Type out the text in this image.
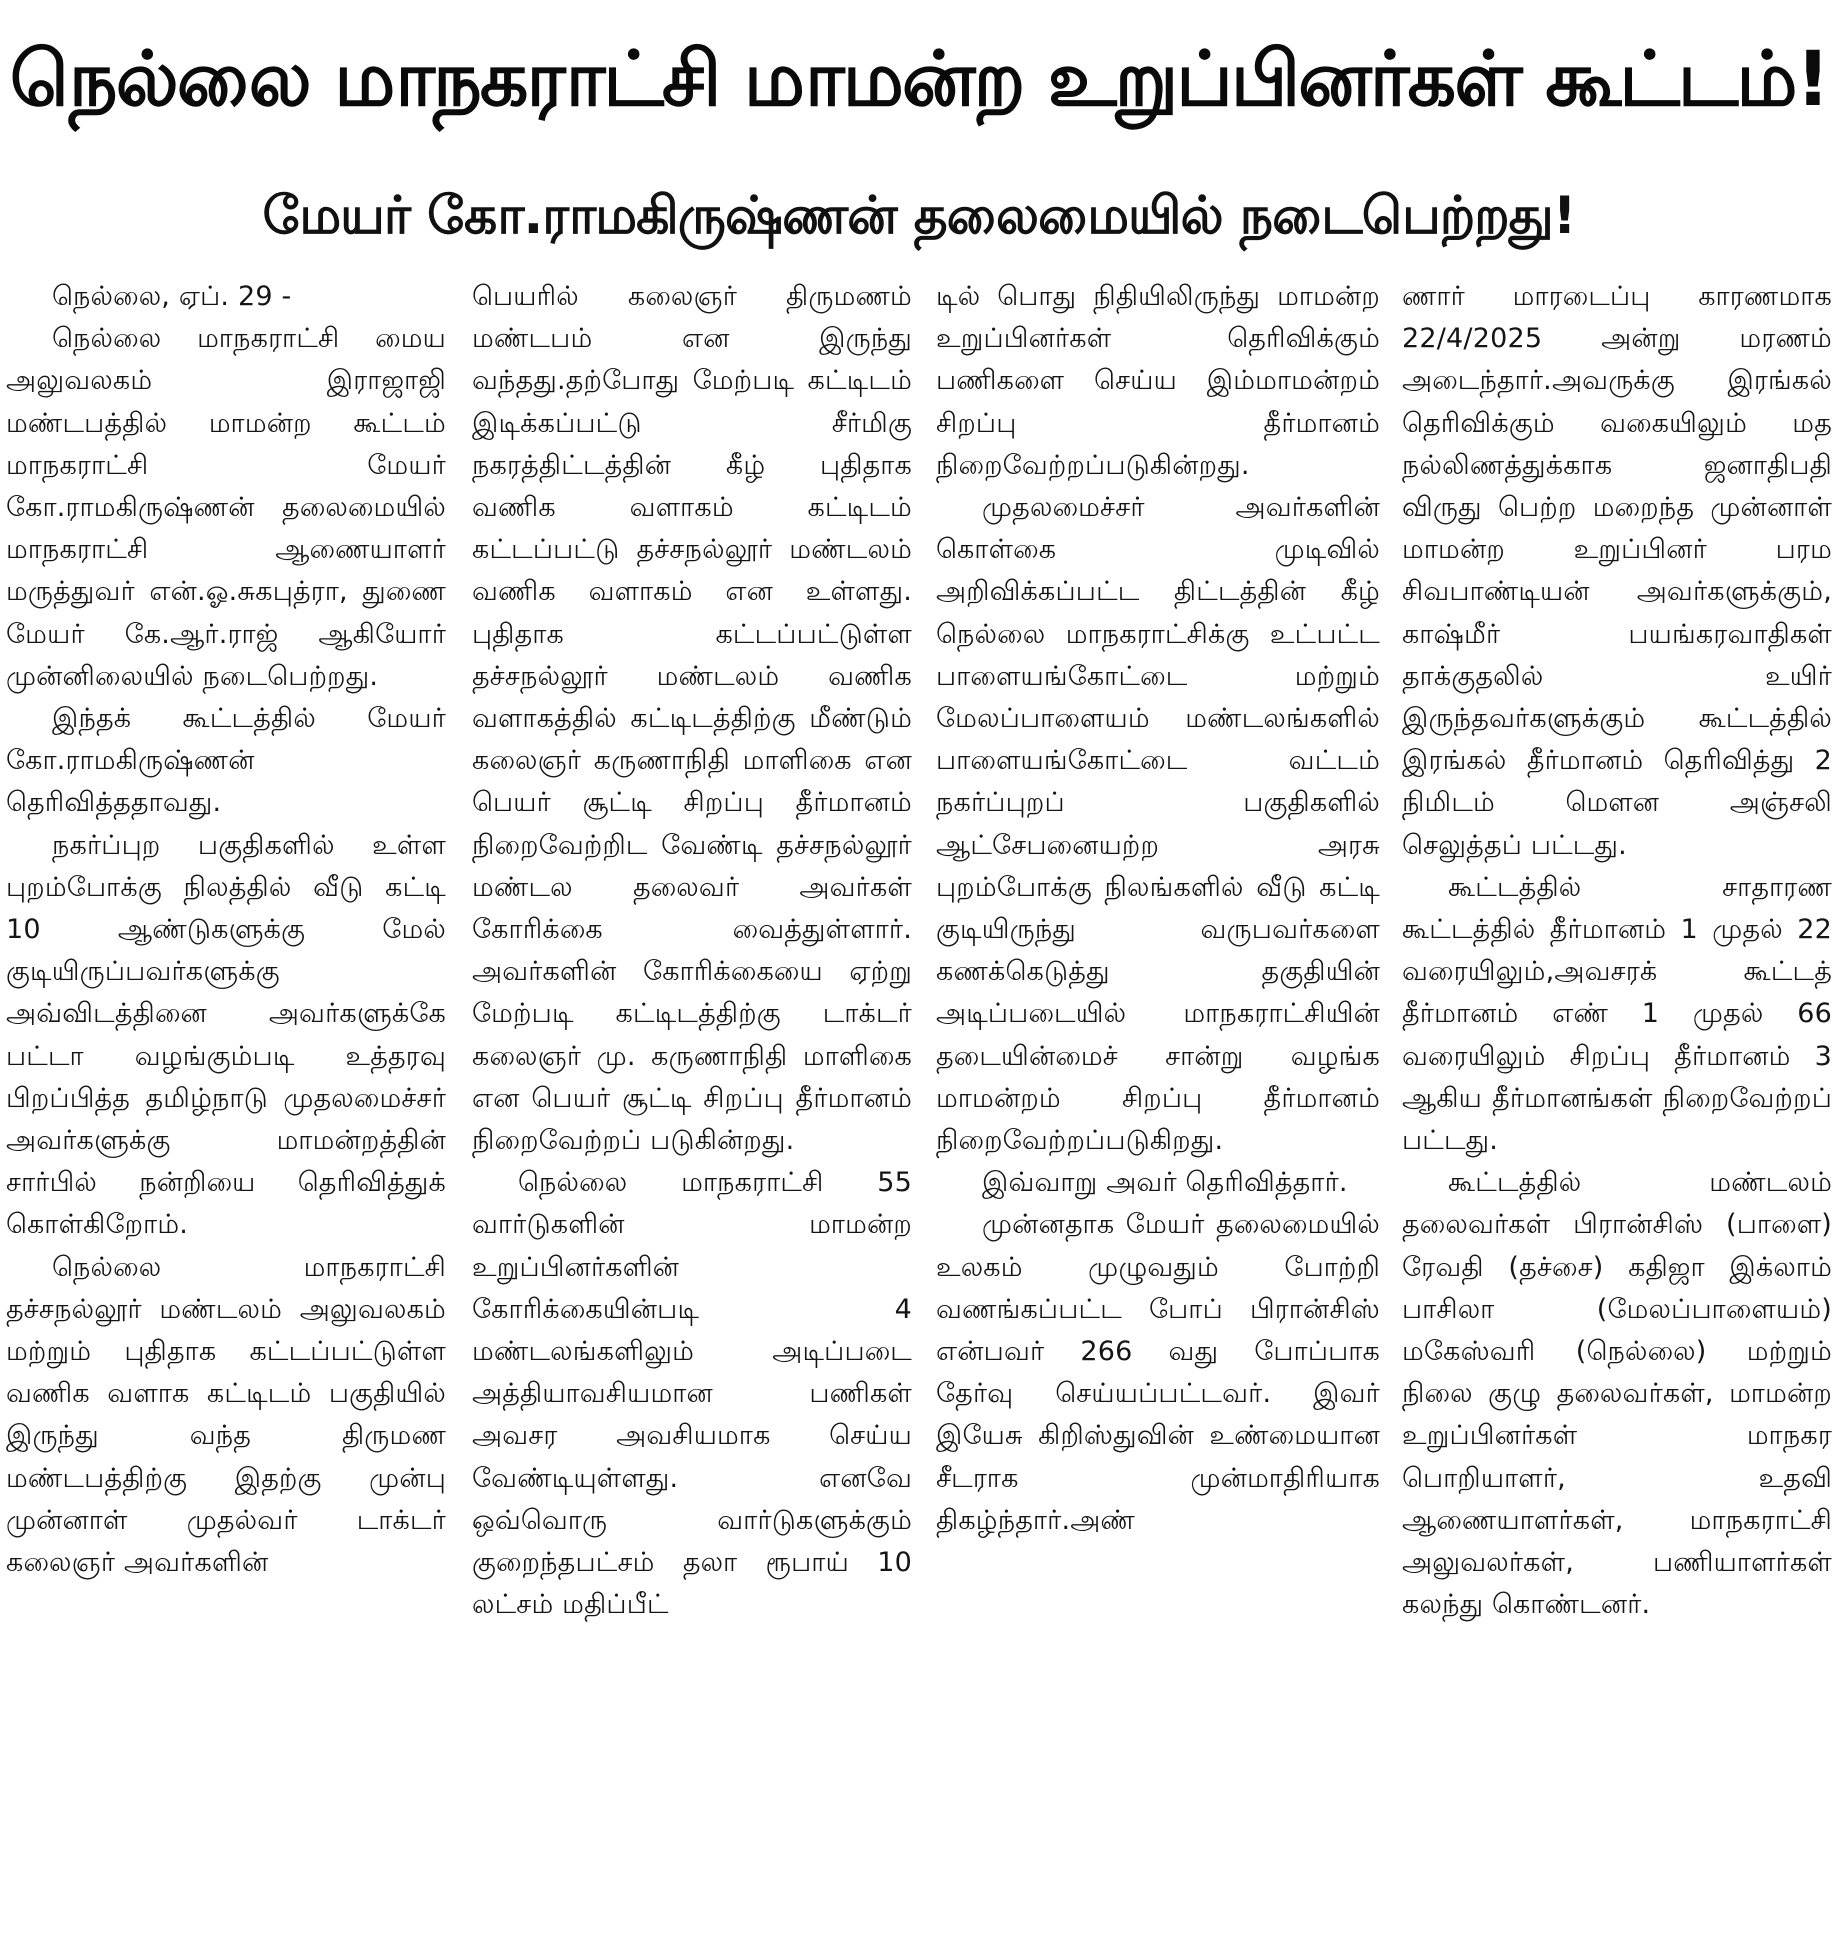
நெல்லை மாநகராட்சி மாமன்ற உறுப்பினர்கள் கூட்டம்!
மேயர் கோ.ராமகிருஷ்ணன் தலைமையில் நடைபெற்றது!

நெல்லை, ஏப். 29 -

நெல்லை மாநகராட்சி மைய அலுவலகம் இராஜாஜி மண்டபத்தில் மாமன்ற கூட்டம் மாநகராட்சி மேயர் கோ.ராமகிருஷ்ணன் தலைமையில் மாநகராட்சி ஆணையாளர் மருத்துவர் என்.ஓ.சுகபுத்ரா, துணை மேயர் கே.ஆர்.ராஜ் ஆகியோர் முன்னிலையில் நடைபெற்றது.

இந்தக் கூட்டத்தில் மேயர் கோ.ராமகிருஷ்ணன் தெரிவித்ததாவது.

நகர்ப்புற பகுதிகளில் உள்ள புறம்போக்கு நிலத்தில் வீடு கட்டி 10 ஆண்டுகளுக்கு மேல் குடியிருப்பவர்களுக்கு அவ்விடத்தினை அவர்களுக்கே பட்டா வழங்கும்படி உத்தரவு பிறப்பித்த தமிழ்நாடு முதலமைச்சர் அவர்களுக்கு மாமன்றத்தின் சார்பில் நன்றியை தெரிவித்துக் கொள்கிறோம்.

நெல்லை மாநகராட்சி தச்சநல்லூர் மண்டலம் அலுவலகம் மற்றும் புதிதாக கட்டப்பட்டுள்ள வணிக வளாக கட்டிடம் பகுதியில் இருந்து வந்த திருமண மண்டபத்திற்கு இதற்கு முன்பு முன்னாள் முதல்வர் டாக்டர் கலைஞர் அவர்களின்

பெயரில் கலைஞர் திருமணம் மண்டபம் என இருந்து வந்தது.தற்போது மேற்படி கட்டிடம் இடிக்கப்பட்டு சீர்மிகு நகரத்திட்டத்தின் கீழ் புதிதாக வணிக வளாகம் கட்டிடம் கட்டப்பட்டு தச்சநல்லூர் மண்டலம் வணிக வளாகம் என உள்ளது. புதிதாக கட்டப்பட்டுள்ள தச்சநல்லூர் மண்டலம் வணிக வளாகத்தில் கட்டிடத்திற்கு மீண்டும் கலைஞர் கருணாநிதி மாளிகை என பெயர் சூட்டி சிறப்பு தீர்மானம் நிறைவேற்றிட வேண்டி தச்சநல்லூர் மண்டல தலைவர் அவர்கள் கோரிக்கை வைத்துள்ளார். அவர்களின் கோரிக்கையை ஏற்று மேற்படி கட்டிடத்திற்கு டாக்டர் கலைஞர் மு. கருணாநிதி மாளிகை என பெயர் சூட்டி சிறப்பு தீர்மானம் நிறைவேற்றப் படுகின்றது.

நெல்லை மாநகராட்சி 55 வார்டுகளின் மாமன்ற உறுப்பினர்களின் கோரிக்கையின்படி 4 மண்டலங்களிலும் அடிப்படை அத்தியாவசியமான பணிகள் அவசர அவசியமாக செய்ய வேண்டியுள்ளது. எனவே ஒவ்வொரு வார்டுகளுக்கும் குறைந்தபட்சம் தலா ரூபாய் 10 லட்சம் மதிப்பீட்

டில் பொது நிதியிலிருந்து மாமன்ற உறுப்பினர்கள் தெரிவிக்கும் பணிகளை செய்ய இம்மாமன்றம் சிறப்பு தீர்மானம் நிறைவேற்றப்படுகின்றது.

முதலமைச்சர் அவர்களின் கொள்கை முடிவில் அறிவிக்கப்பட்ட திட்டத்தின் கீழ் நெல்லை மாநகராட்சிக்கு உட்பட்ட பாளையங்கோட்டை மற்றும் மேலப்பாளையம் மண்டலங்களில் பாளையங்கோட்டை வட்டம் நகர்ப்புறப் பகுதிகளில் ஆட்சேபனையற்ற அரசு புறம்போக்கு நிலங்களில் வீடு கட்டி குடியிருந்து வருபவர்களை கணக்கெடுத்து தகுதியின் அடிப்படையில் மாநகராட்சியின் தடையின்மைச் சான்று வழங்க மாமன்றம் சிறப்பு தீர்மானம் நிறைவேற்றப்படுகிறது.

இவ்வாறு அவர் தெரிவித்தார்.

முன்னதாக மேயர் தலைமையில் உலகம் முழுவதும் போற்றி வணங்கப்பட்ட போப் பிரான்சிஸ் என்பவர் 266 வது போப்பாக தேர்வு செய்யப்பட்டவர். இவர் இயேசு கிறிஸ்துவின் உண்மையான சீடராக முன்மாதிரியாக திகழ்ந்தார்.அண்

ணார் மாரடைப்பு காரணமாக 22/4/2025 அன்று மரணம் அடைந்தார்.அவருக்கு இரங்கல் தெரிவிக்கும் வகையிலும் மத நல்லிணத்துக்காக ஜனாதிபதி விருது பெற்ற மறைந்த முன்னாள் மாமன்ற உறுப்பினர் பரம சிவபாண்டியன் அவர்களுக்கும், காஷ்மீர் பயங்கரவாதிகள் தாக்குதலில் உயிர் இருந்தவர்களுக்கும் கூட்டத்தில் இரங்கல் தீர்மானம் தெரிவித்து 2 நிமிடம் மௌன அஞ்சலி செலுத்தப் பட்டது.

கூட்டத்தில் சாதாரண கூட்டத்தில் தீர்மானம் 1 முதல் 22 வரையிலும்,அவசரக் கூட்டத் தீர்மானம் எண் 1 முதல் 66 வரையிலும் சிறப்பு தீர்மானம் 3 ஆகிய தீர்மானங்கள் நிறைவேற்றப் பட்டது.

கூட்டத்தில் மண்டலம் தலைவர்கள் பிரான்சிஸ் (பாளை) ரேவதி (தச்சை) கதிஜா இக்லாம் பாசிலா (மேலப்பாளையம்) மகேஸ்வரி (நெல்லை) மற்றும் நிலை குழு தலைவர்கள், மாமன்ற உறுப்பினர்கள் மாநகர பொறியாளர், உதவி ஆணையாளர்கள், மாநகராட்சி அலுவலர்கள், பணியாளர்கள் கலந்து கொண்டனர்.
